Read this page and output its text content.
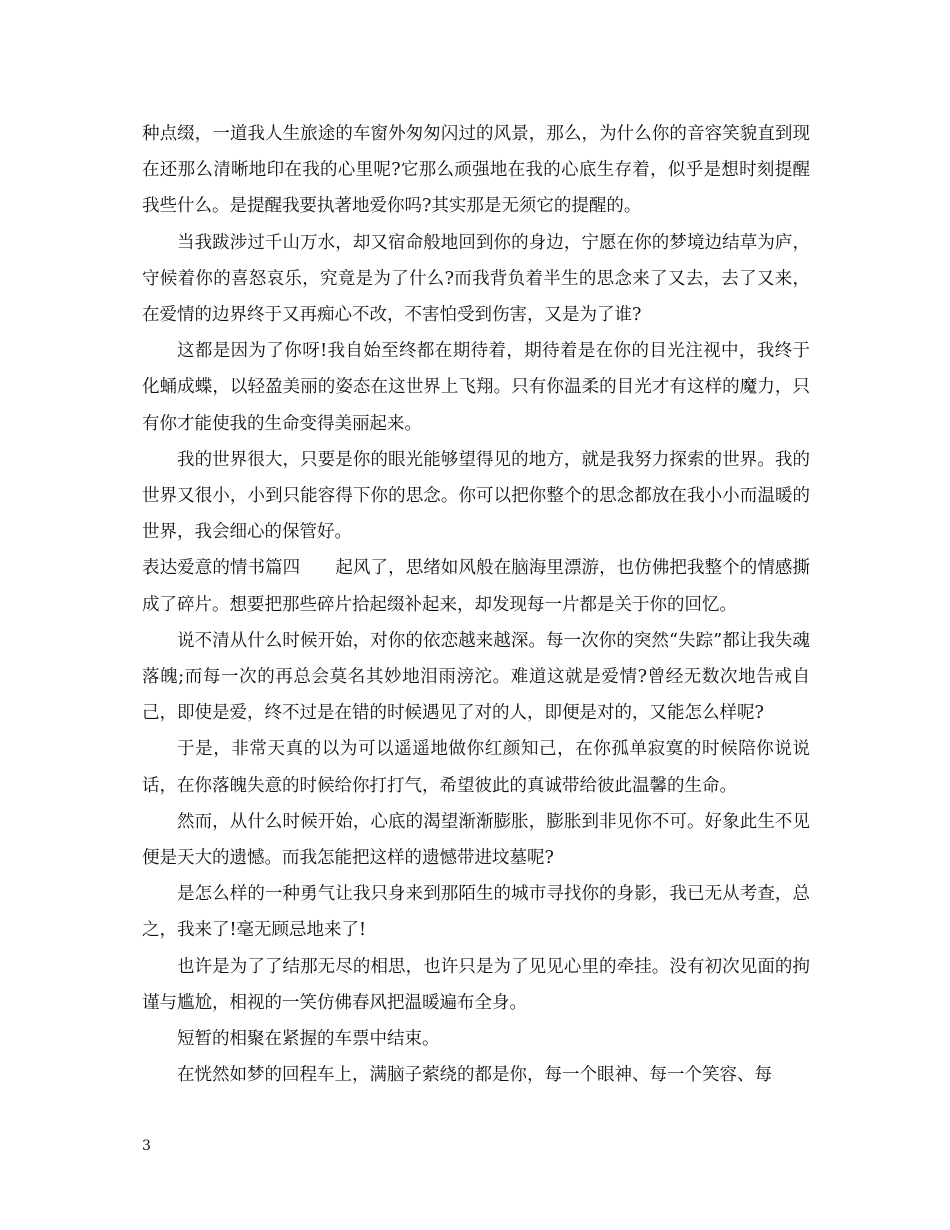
种点缀，一道我人生旅途的车窗外匆匆闪过的风景，那么，为什么你的音容笑貌直到现在还那么清晰地印在我的心里呢?它那么顽强地在我的心底生存着，似乎是想时刻提醒我些什么。是提醒我要执著地爱你吗?其实那是无须它的提醒的。

当我跋涉过千山万水，却又宿命般地回到你的身边，宁愿在你的梦境边结草为庐，守候着你的喜怒哀乐，究竟是为了什么?而我背负着半生的思念来了又去，去了又来，在爱情的边界终于又再痴心不改，不害怕受到伤害，又是为了谁?

这都是因为了你呀!我自始至终都在期待着，期待着是在你的目光注视中，我终于化蛹成蝶，以轻盈美丽的姿态在这世界上飞翔。只有你温柔的目光才有这样的魔力，只有你才能使我的生命变得美丽起来。

我的世界很大，只要是你的眼光能够望得见的地方，就是我努力探索的世界。我的世界又很小，小到只能容得下你的思念。你可以把你整个的思念都放在我小小而温暖的世界，我会细心的保管好。

表达爱意的情书篇四　　起风了，思绪如风般在脑海里漂游，也仿佛把我整个的情感撕成了碎片。想要把那些碎片拾起缀补起来，却发现每一片都是关于你的回忆。

说不清从什么时候开始，对你的依恋越来越深。每一次你的突然“失踪”都让我失魂落魄;而每一次的再总会莫名其妙地泪雨滂沱。难道这就是爱情?曾经无数次地告戒自己，即使是爱，终不过是在错的时候遇见了对的人，即便是对的，又能怎么样呢?

于是，非常天真的以为可以遥遥地做你红颜知己，在你孤单寂寞的时候陪你说说话，在你落魄失意的时候给你打打气，希望彼此的真诚带给彼此温馨的生命。

然而，从什么时候开始，心底的渴望渐渐膨胀，膨胀到非见你不可。好象此生不见便是天大的遗憾。而我怎能把这样的遗憾带进坟墓呢?

是怎么样的一种勇气让我只身来到那陌生的城市寻找你的身影，我已无从考查，总之，我来了!毫无顾忌地来了!

也许是为了了结那无尽的相思，也许只是为了见见心里的牵挂。没有初次见面的拘谨与尴尬，相视的一笑仿佛春风把温暖遍布全身。

短暂的相聚在紧握的车票中结束。

在恍然如梦的回程车上，满脑子萦绕的都是你，每一个眼神、每一个笑容、每

3
